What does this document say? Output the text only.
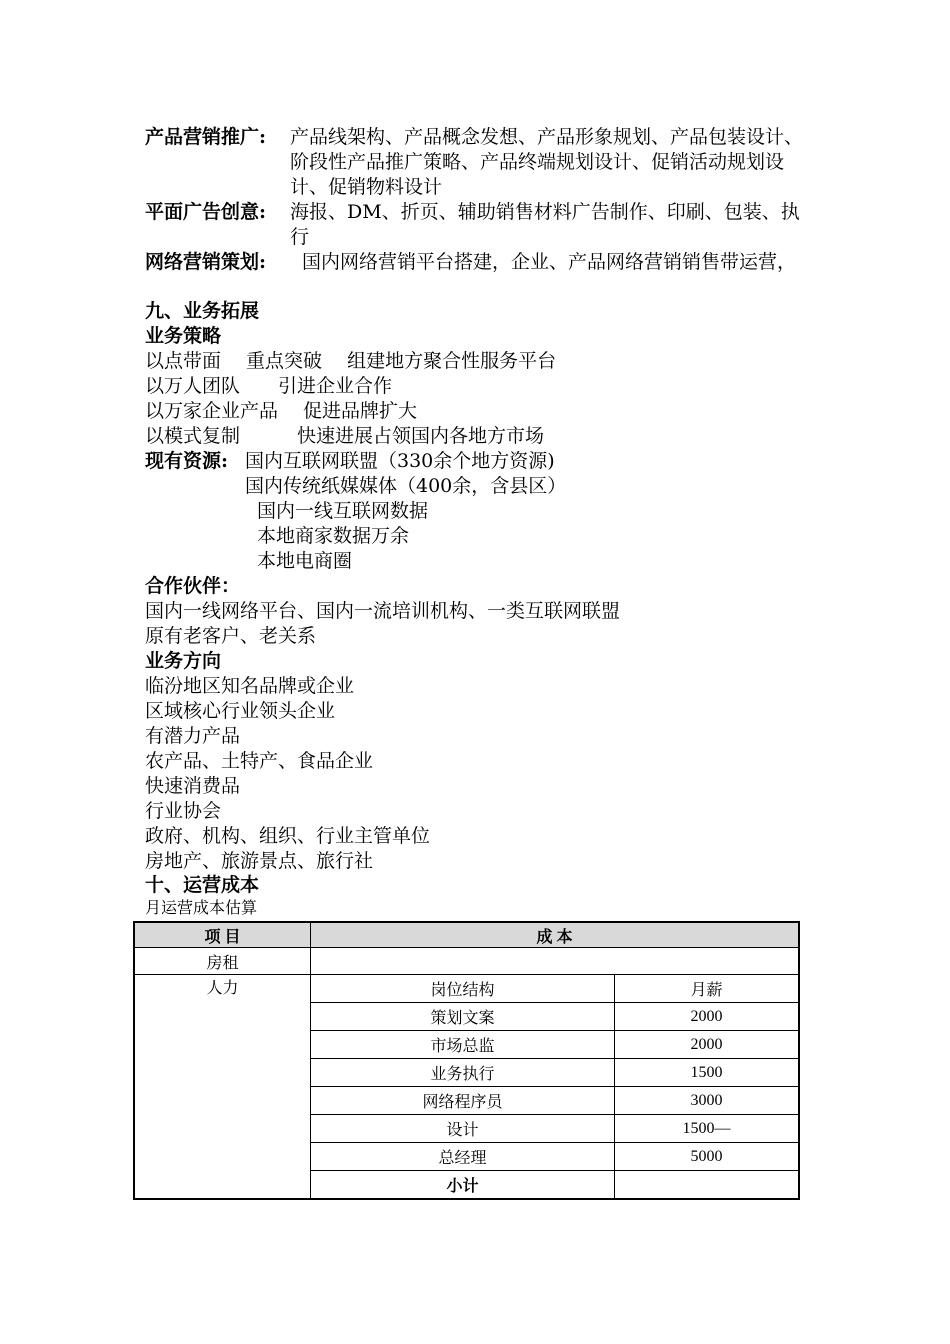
产品营销推广: 产品线架构、产品概念发想、产品形象规划、产品包装设计、阶段性产品推广策略、产品终端规划设计、促销活动规划设计、促销物料设计
平面广告创意: 海报、DM、折页、辅助销售材料广告制作、印刷、包装、执行
网络营销策划: 国内网络营销平台搭建，企业、产品网络营销销售带运营，
九、业务拓展
业务策略
以点带面　 重点突破　 组建地方聚合性服务平台
以万人团队　　引进企业合作
以万家企业产品　 促进品牌扩大
以模式复制　　　快速进展占领国内各地方市场
现有资源: 国内互联网联盟（330余个地方资源)
国内传统纸媒媒体（400余，含县区）
国内一线互联网数据
本地商家数据万余
本地电商圈
合作伙伴：
国内一线网络平台、国内一流培训机构、一类互联网联盟
原有老客户、老关系
业务方向
临汾地区知名品牌或企业
区域核心行业领头企业
有潜力产品
农产品、土特产、食品企业
快速消费品
行业协会
政府、机构、组织、行业主管单位
房地产、旅游景点、旅行社
十、运营成本
月运营成本估算
项 目	成 本	
房租		
人力	岗位结构	月薪
	策划文案	2000
	市场总监	2000
	业务执行	1500
	网络程序员	3000
	设计	1500—
	总经理	5000
	小计	
